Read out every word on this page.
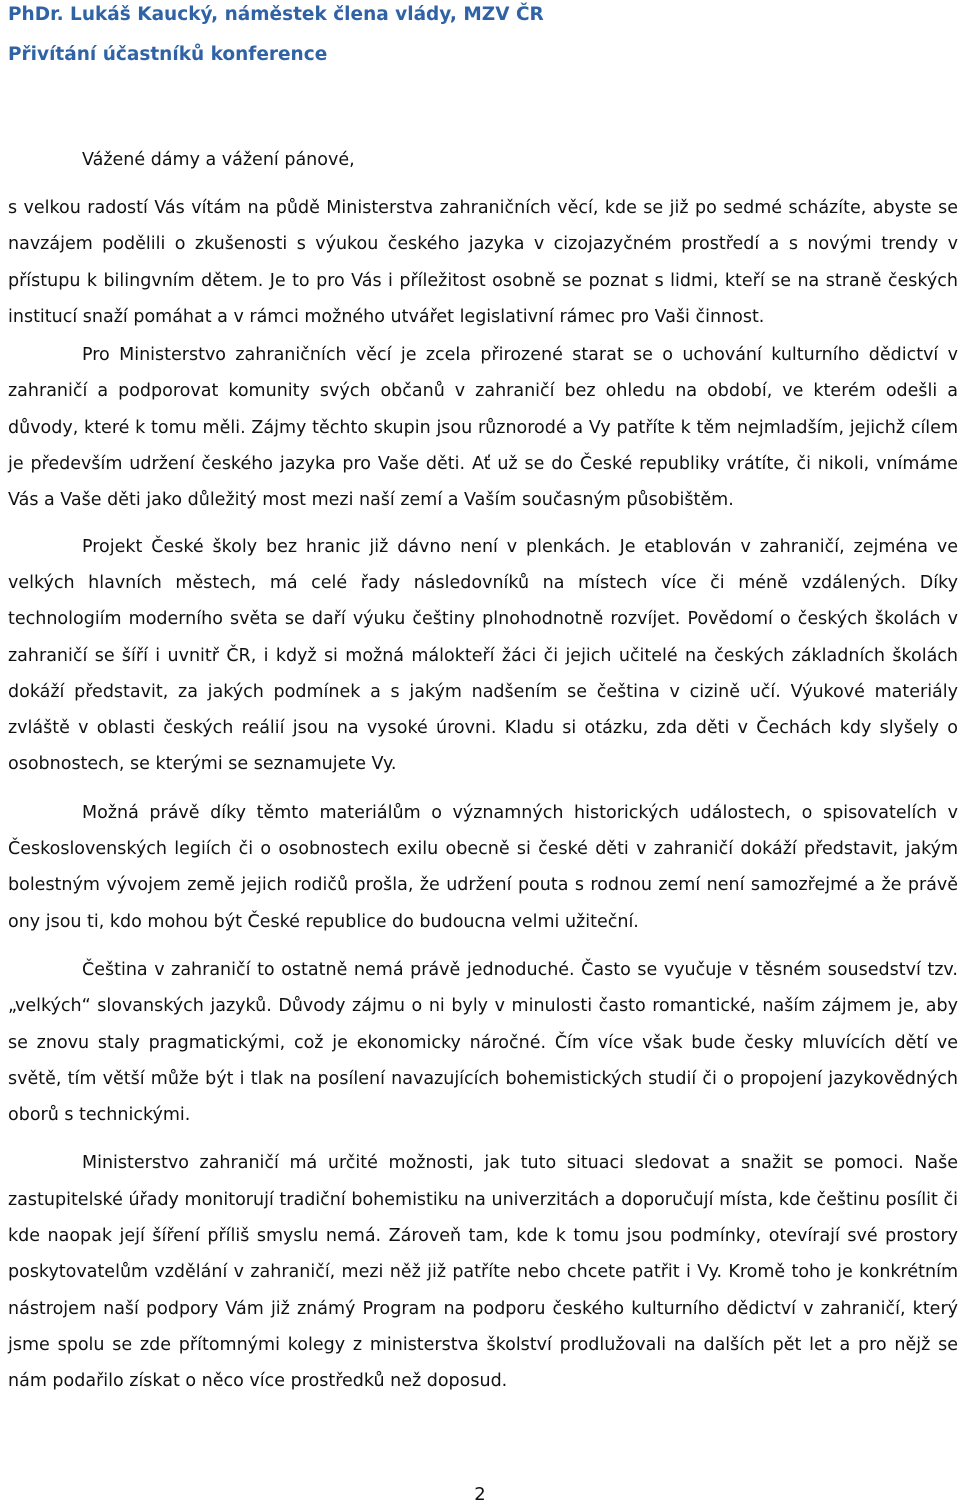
PhDr. Lukáš Kaucký, náměstek člena vlády, MZV ČR
Přivítání účastníků konference
Vážené dámy a vážení pánové,

s velkou radostí Vás vítám na půdě Ministerstva zahraničních věcí, kde se již po sedmé scházíte, abyste se navzájem podělili o zkušenosti s výukou českého jazyka v cizojazyčném prostředí a s novými trendy v přístupu k bilingvním dětem. Je to pro Vás i příležitost osobně se poznat s lidmi, kteří se na straně českých institucí snaží pomáhat a v rámci možného utvářet legislativní rámec pro Vaši činnost.

Pro Ministerstvo zahraničních věcí je zcela přirozené starat se o uchování kulturního dědictví v zahraničí a podporovat komunity svých občanů v zahraničí bez ohledu na období, ve kterém odešli a důvody, které k tomu měli. Zájmy těchto skupin jsou různorodé a Vy patříte k těm nejmladším, jejichž cílem je především udržení českého jazyka pro Vaše děti. Ať už se do České republiky vrátíte, či nikoli, vnímáme Vás a Vaše děti jako důležitý most mezi naší zemí a Vaším současným působištěm.

Projekt České školy bez hranic již dávno není v plenkách. Je etablován v zahraničí, zejména ve velkých hlavních městech, má celé řady následovníků na místech více či méně vzdálených. Díky technologiím moderního světa se daří výuku češtiny plnohodnotně rozvíjet. Povědomí o českých školách v zahraničí se šíří i uvnitř ČR, i když si možná málokteří žáci či jejich učitelé na českých základních školách dokáží představit, za jakých podmínek a s jakým nadšením se čeština v cizině učí. Výukové materiály zvláště v oblasti českých reálií jsou na vysoké úrovni. Kladu si otázku, zda děti v Čechách kdy slyšely o osobnostech, se kterými se seznamujete Vy.

Možná právě díky těmto materiálům o významných historických událostech, o spisovatelích v Československých legiích či o osobnostech exilu obecně si české děti v zahraničí dokáží představit, jakým bolestným vývojem země jejich rodičů prošla, že udržení pouta s rodnou zemí není samozřejmé a že právě ony jsou ti, kdo mohou být České republice do budoucna velmi užiteční.

Čeština v zahraničí to ostatně nemá právě jednoduché. Často se vyučuje v těsném sousedství tzv. „velkých“ slovanských jazyků. Důvody zájmu o ni byly v minulosti často romantické, naším zájmem je, aby se znovu staly pragmatickými, což je ekonomicky náročné. Čím více však bude česky mluvících dětí ve světě, tím větší může být i tlak na posílení navazujících bohemistických studií či o propojení jazykovědných oborů s technickými.

Ministerstvo zahraničí má určité možnosti, jak tuto situaci sledovat a snažit se pomoci. Naše zastupitelské úřady monitorují tradiční bohemistiku na univerzitách a doporučují místa, kde češtinu posílit či kde naopak její šíření příliš smyslu nemá. Zároveň tam, kde k tomu jsou podmínky, otevírají své prostory poskytovatelům vzdělání v zahraničí, mezi něž již patříte nebo chcete patřit i Vy. Kromě toho je konkrétním nástrojem naší podpory Vám již známý Program na podporu českého kulturního dědictví v zahraničí, který jsme spolu se zde přítomnými kolegy z ministerstva školství prodlužovali na dalších pět let a pro nějž se nám podařilo získat o něco více prostředků než doposud.

2
